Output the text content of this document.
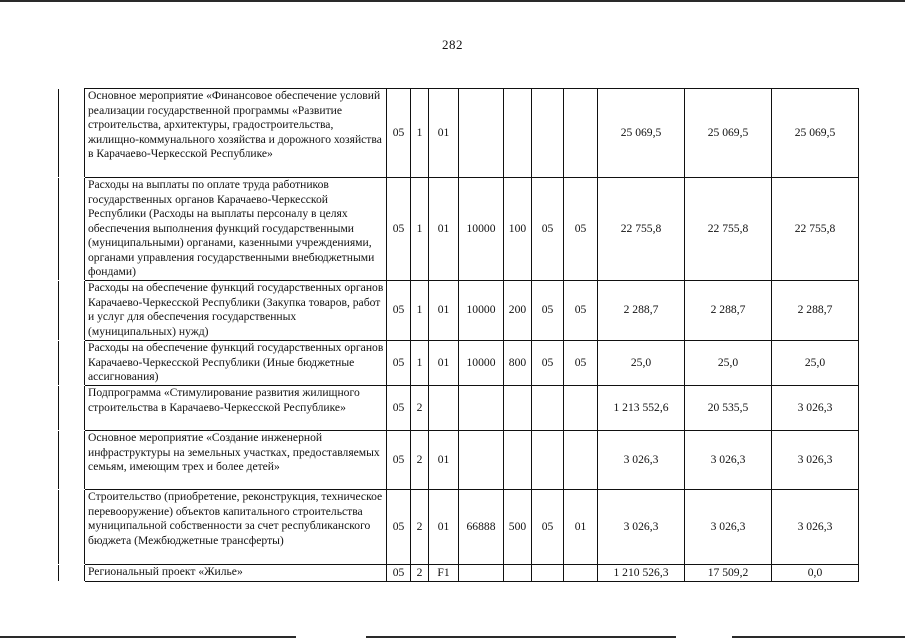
282
	Основное мероприятие «Финансовое обеспечение условий реализации государственной программы «Развитие строительства, архитектуры, градостроительства, жилищно-коммунального хозяйства и дорожного хозяйства в Карачаево-Черкесской Республике»	05	1	01					25 069,5	25 069,5	25 069,5
	Расходы на выплаты по оплате труда работников государственных органов Карачаево-Черкесской Республики (Расходы на выплаты персоналу в целях обеспечения выполнения функций государственными (муниципальными) органами, казенными учреждениями, органами управления государственными внебюджетными фондами)	05	1	01	10000	100	05	05	22 755,8	22 755,8	22 755,8
	Расходы на обеспечение функций государственных органов Карачаево-Черкесской Республики (Закупка товаров, работ и услуг для обеспечения государственных (муниципальных) нужд)	05	1	01	10000	200	05	05	2 288,7	2 288,7	2 288,7
	Расходы на обеспечение функций государственных органов Карачаево-Черкесской Республики (Иные бюджетные ассигнования)	05	1	01	10000	800	05	05	25,0	25,0	25,0
	Подпрограмма «Стимулирование развития жилищного строительства в Карачаево-Черкесской Республике»	05	2						1 213 552,6	20 535,5	3 026,3
	Основное мероприятие «Создание инженерной инфраструктуры на земельных участках, предоставляемых семьям, имеющим трех и более детей»	05	2	01					3 026,3	3 026,3	3 026,3
	Строительство (приобретение, реконструкция, техническое перевооружение) объектов капитального строительства муниципальной собственности за счет республиканского бюджета (Межбюджетные трансферты)	05	2	01	66888	500	05	01	3 026,3	3 026,3	3 026,3
	Региональный проект «Жилье»	05	2	F1					1 210 526,3	17 509,2	0,0
